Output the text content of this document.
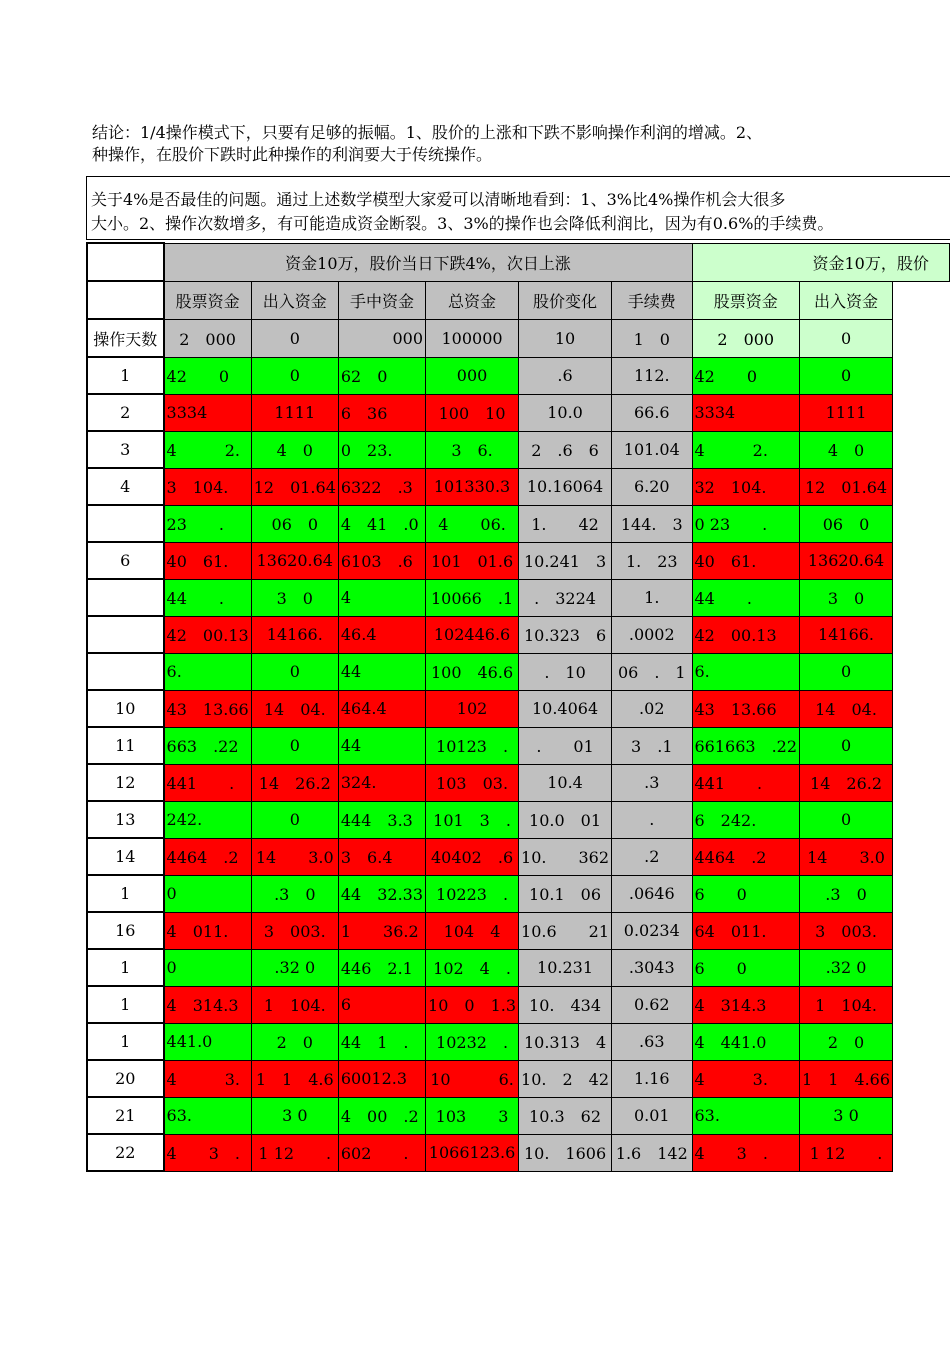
结论：1/4操作模式下，只要有足够的振幅。1、股价的上涨和下跌不影响操作利润的增减。2、
种操作，在股价下跌时此种操作的利润要大于传统操作。
关于4%是否最佳的问题。通过上述数学模型大家爱可以清晰地看到：1、3%比4%操作机会大很多
大小。2、操作次数增多，有可能造成资金断裂。3、3%的操作也会降低利润比，因为有0.6%的手续费。
	资金10万，股价当日下跌4%，次日上涨						资金10万，股价		
	股票资金	出入资金	手中资金	总资金	股价变化	手续费	股票资金	出入资金	
操作天数	2　000	0	000	100000	10	1　0	2　000	0	
1	42　　0	0	62　0	000	.6	112.	42　　0	0	
2	3334	1111	6　36	100　10	10.0	66.6	3334	1111	
3	4　　　2.	4　0	0　23.	3　6.	2　.6　6	101.04	4　　　2.	4　0	
4	3　104.	12　01.64	6322　.3	101330.3	10.16064	6.20	32　104.	12　01.64	
	23　　.	06　0	4　41　.0	4　　06.	1.　　42	144.　3	0 23　　.	06　0	
6	40　61.	13620.64	6103　.6	101　01.6	10.241　3	1.　23	40　61.	13620.64	
	44　　.	3　0	4	10066　.1	.　3224	1.	44　　.	3　0	
	42　00.13	14166.	46.4	102446.6	10.323　6	.0002	42　00.13	14166.	
	6.	0	44	100　46.6	.　10	06　.　1	6.	0	
10	43　13.66	14　04.	464.4	102	10.4064	.02	43　13.66	14　04.	
11	663　.22	0	44	10123　.	.　　01	3　.1	661663　.22	0	
12	441　　.	14　26.2	324.	103　03.	10.4	.3	441　　.	14　26.2	
13	242.	0	444　3.3	101　3　.	10.0　01	.	6　242.	0	
14	4464　.2	14　　3.0	3　6.4	40402　.6	10.　　362	.2	4464　.2	14　　3.0	
1	0	.3　0	44　32.33	10223　.	10.1　06	.0646	6　　0	.3　0	
16	4　011.	3　003.	1　　36.2	104　4	10.6　　21	0.0234	64　011.	3　003.	
1	0	.32 0	446　2.1	102　4　.	10.231	.3043	6　　0	.32 0	
1	4　314.3	1　104.	6	10　0　1.3	10.　434	0.62	4　314.3	1　104.	
1	441.0	2　0	44　1　.	10232　.	10.313　4	.63	4　441.0	2　0	
20	4　　　3.	1　1　4.6	60012.3	10　　　6.	10.　2　42	1.16	4　　　3.	1　1　4.66	
21	63.	3 0	4　00　.2	103　　3	10.3　62	0.01	63.	3 0	
22	4　　3　.	1 12　　.	602　　.	1066123.6	10.　1606	1.6　142	4　　3　.	1 12　　.	
